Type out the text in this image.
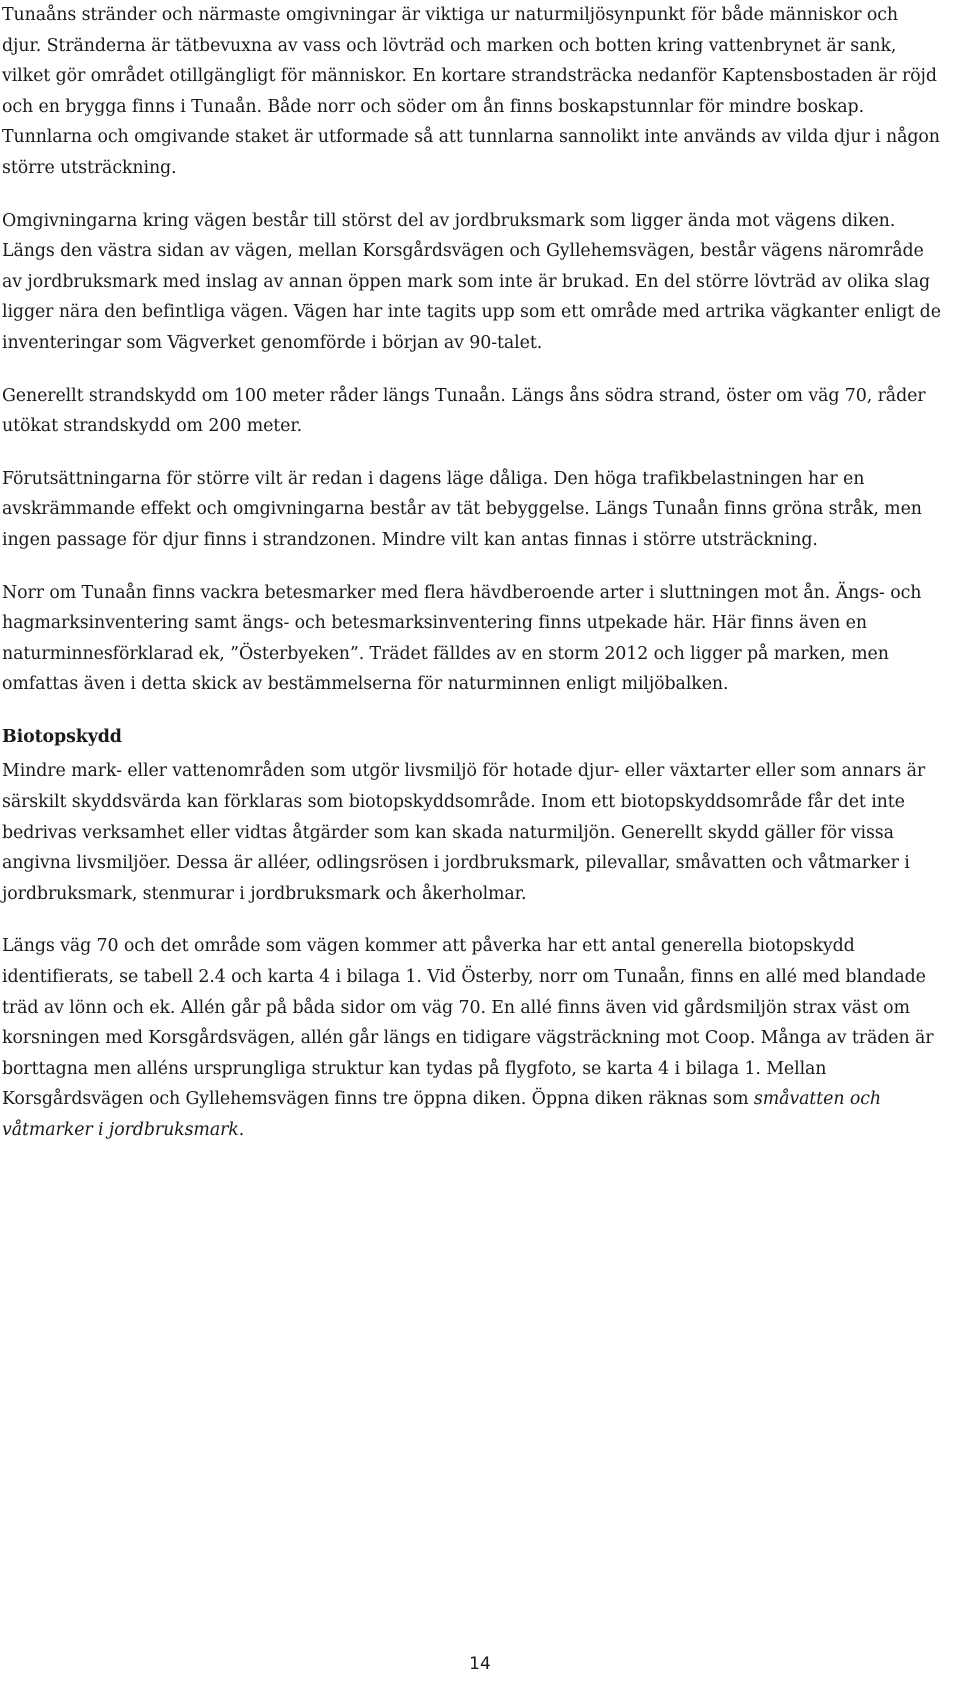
Tunaåns stränder och närmaste omgivningar är viktiga ur naturmiljösynpunkt för både människor och djur. Stränderna är tätbevuxna av vass och lövträd och marken och botten kring vattenbrynet är sank, vilket gör området otillgängligt för människor. En kortare strandsträcka nedanför Kaptensbostaden är röjd och en brygga finns i Tunaån. Både norr och söder om ån finns boskapstunnlar för mindre boskap. Tunnlarna och omgivande staket är utformade så att tunnlarna sannolikt inte används av vilda djur i någon större utsträckning.

Omgivningarna kring vägen består till störst del av jordbruksmark som ligger ända mot vägens diken. Längs den västra sidan av vägen, mellan Korsgårdsvägen och Gyllehemsvägen, består vägens närområde av jordbruksmark med inslag av annan öppen mark som inte är brukad. En del större lövträd av olika slag ligger nära den befintliga vägen. Vägen har inte tagits upp som ett område med artrika vägkanter enligt de inventeringar som Vägverket genomförde i början av 90-talet.

Generellt strandskydd om 100 meter råder längs Tunaån. Längs åns södra strand, öster om väg 70, råder utökat strandskydd om 200 meter.

Förutsättningarna för större vilt är redan i dagens läge dåliga. Den höga trafikbelastningen har en avskrämmande effekt och omgivningarna består av tät bebyggelse. Längs Tunaån finns gröna stråk, men ingen passage för djur finns i strandzonen. Mindre vilt kan antas finnas i större utsträckning.

Norr om Tunaån finns vackra betesmarker med flera hävdberoende arter i sluttningen mot ån. Ängs- och hagmarksinventering samt ängs- och betesmarksinventering finns utpekade här. Här finns även en naturminnesförklarad ek, ”Österbyeken”. Trädet fälldes av en storm 2012 och ligger på marken, men omfattas även i detta skick av bestämmelserna för naturminnen enligt miljöbalken.

Biotopskydd

Mindre mark- eller vattenområden som utgör livsmiljö för hotade djur- eller växtarter eller som annars är särskilt skyddsvärda kan förklaras som biotopskyddsområde. Inom ett biotopskyddsområde får det inte bedrivas verksamhet eller vidtas åtgärder som kan skada naturmiljön. Generellt skydd gäller för vissa angivna livsmiljöer. Dessa är alléer, odlingsrösen i jordbruksmark, pilevallar, småvatten och våtmarker i jordbruksmark, stenmurar i jordbruksmark och åkerholmar.

Längs väg 70 och det område som vägen kommer att påverka har ett antal generella biotopskydd identifierats, se tabell 2.4 och karta 4 i bilaga 1. Vid Österby, norr om Tunaån, finns en allé med blandade träd av lönn och ek. Allén går på båda sidor om väg 70. En allé finns även vid gårdsmiljön strax väst om korsningen med Korsgårdsvägen, allén går längs en tidigare vägsträckning mot Coop. Många av träden är borttagna men alléns ursprungliga struktur kan tydas på flygfoto, se karta 4 i bilaga 1. Mellan Korsgårdsvägen och Gyllehemsvägen finns tre öppna diken. Öppna diken räknas som småvatten och våtmarker i jordbruksmark.

14
